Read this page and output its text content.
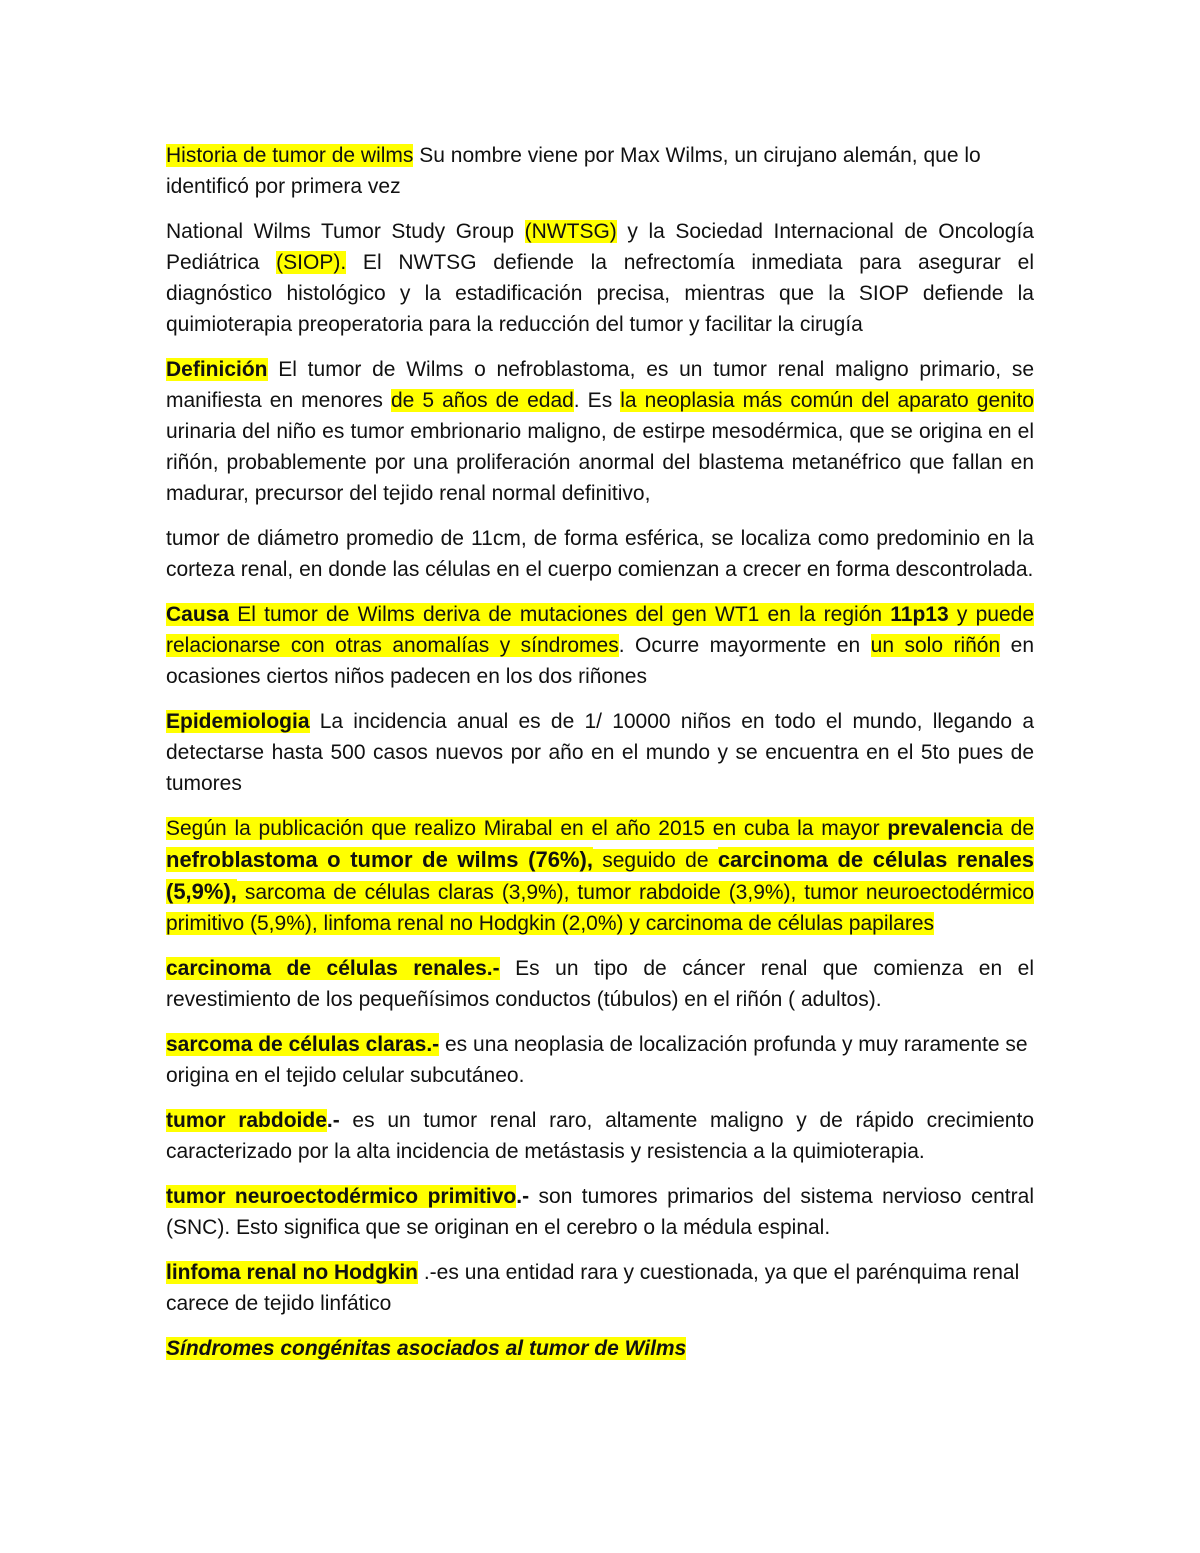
Historia de tumor de wilms Su nombre viene por Max Wilms, un cirujano alemán, que lo identificó por primera vez

National Wilms Tumor Study Group (NWTSG) y la Sociedad Internacional de Oncología Pediátrica (SIOP). El NWTSG defiende la nefrectomía inmediata para asegurar el diagnóstico histológico y la estadificación precisa, mientras que la SIOP defiende la quimioterapia preoperatoria para la reducción del tumor y facilitar la cirugía

Definición El tumor de Wilms o nefroblastoma, es un tumor renal maligno primario, se manifiesta en menores de 5 años de edad. Es la neoplasia más común del aparato genito urinaria del niño es tumor embrionario maligno, de estirpe mesodérmica, que se origina en el riñón, probablemente por una proliferación anormal del blastema metanéfrico que fallan en madurar, precursor del tejido renal normal definitivo,

tumor de diámetro promedio de 11cm, de forma esférica, se localiza como predominio en la corteza renal, en donde las células en el cuerpo comienzan a crecer en forma descontrolada.

Causa El tumor de Wilms deriva de mutaciones del gen WT1 en la región 11p13 y puede relacionarse con otras anomalías y síndromes. Ocurre mayormente en un solo riñón en ocasiones ciertos niños padecen en los dos riñones

Epidemiologia La incidencia anual es de 1/ 10000 niños en todo el mundo, llegando a detectarse hasta 500 casos nuevos por año en el mundo y se encuentra en el 5to pues de tumores

Según la publicación que realizo Mirabal en el año 2015 en cuba la mayor prevalencia de nefroblastoma o tumor de wilms (76%), seguido de carcinoma de células renales (5,9%), sarcoma de células claras (3,9%), tumor rabdoide (3,9%), tumor neuroectodérmico primitivo (5,9%), linfoma renal no Hodgkin (2,0%) y carcinoma de células papilares

carcinoma de células renales.- Es un tipo de cáncer renal que comienza en el revestimiento de los pequeñísimos conductos (túbulos) en el riñón ( adultos).

sarcoma de células claras.- es una neoplasia de localización profunda y muy raramente se origina en el tejido celular subcutáneo.

tumor rabdoide.- es un tumor renal raro, altamente maligno y de rápido crecimiento caracterizado por la alta incidencia de metástasis y resistencia a la quimioterapia.

tumor neuroectodérmico primitivo.- son tumores primarios del sistema nervioso central (SNC). Esto significa que se originan en el cerebro o la médula espinal.

linfoma renal no Hodgkin .-es una entidad rara y cuestionada, ya que el parénquima renal carece de tejido linfático

Síndromes congénitas asociados al tumor de Wilms
